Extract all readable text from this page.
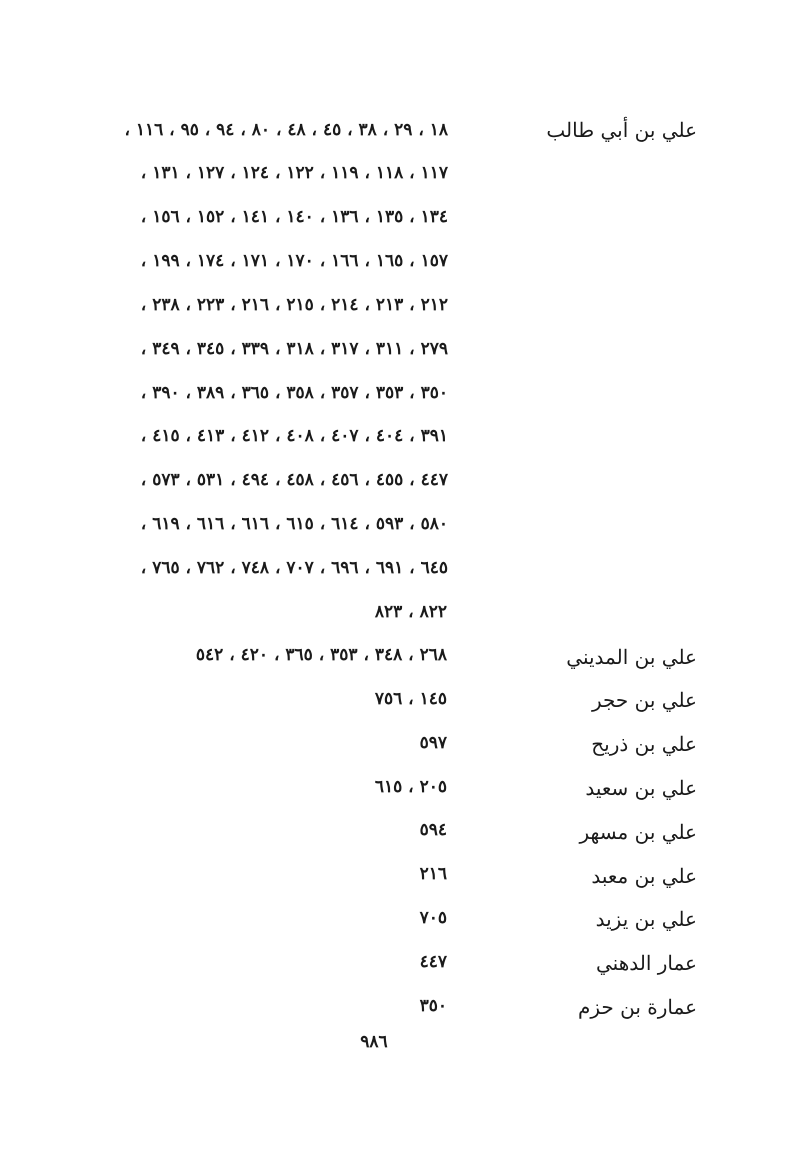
علي بن أبي طالب
١٨ ، ٢٩ ، ٣٨ ، ٤٥ ، ٤٨ ، ٨٠ ، ٩٤ ، ٩٥ ، ١١٦ ،
١١٧ ، ١١٨ ، ١١٩ ، ١٢٢ ، ١٢٤ ، ١٢٧ ، ١٣١ ،
١٣٤ ، ١٣٥ ، ١٣٦ ، ١٤٠ ، ١٤١ ، ١٥٢ ، ١٥٦ ،
١٥٧ ، ١٦٥ ، ١٦٦ ، ١٧٠ ، ١٧١ ، ١٧٤ ، ١٩٩ ،
٢١٢ ، ٢١٣ ، ٢١٤ ، ٢١٥ ، ٢١٦ ، ٢٢٣ ، ٢٣٨ ،
٢٧٩ ، ٣١١ ، ٣١٧ ، ٣١٨ ، ٣٣٩ ، ٣٤٥ ، ٣٤٩ ،
٣٥٠ ، ٣٥٣ ، ٣٥٧ ، ٣٥٨ ، ٣٦٥ ، ٣٨٩ ، ٣٩٠ ،
٣٩١ ، ٤٠٤ ، ٤٠٧ ، ٤٠٨ ، ٤١٢ ، ٤١٣ ، ٤١٥ ،
٤٤٧ ، ٤٥٥ ، ٤٥٦ ، ٤٥٨ ، ٤٩٤ ، ٥٣١ ، ٥٧٣ ،
٥٨٠ ، ٥٩٣ ، ٦١٤ ، ٦١٥ ، ٦١٦ ، ٦١٦ ، ٦١٩ ،
٦٤٥ ، ٦٩١ ، ٦٩٦ ، ٧٠٧ ، ٧٤٨ ، ٧٦٢ ، ٧٦٥ ،
٨٢٢ ، ٨٢٣
علي بن المديني
٢٦٨ ، ٣٤٨ ، ٣٥٣ ، ٣٦٥ ، ٤٢٠ ، ٥٤٢
علي بن حجر
١٤٥ ، ٧٥٦
علي بن ذريح
٥٩٧
علي بن سعيد
٢٠٥ ، ٦١٥
علي بن مسهر
٥٩٤
علي بن معبد
٢١٦
علي بن يزيد
٧٠٥
عمار الدهني
٤٤٧
عمارة بن حزم
٣٥٠
٩٨٦
